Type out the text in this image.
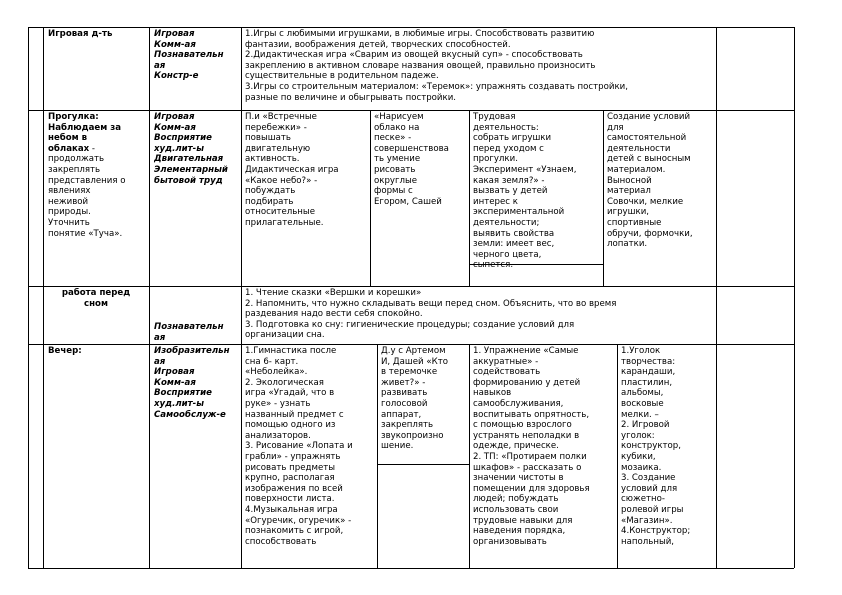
Игровая д-ть	Игровая
Комм-ая
Познавательн
ая
Констр-е
1.Игры с любимыми игрушками, в любимые игры. Способствовать развитию
фантазии, воображения детей, творческих способностей.
2.Дидактическая игра «Сварим из овощей вкусный суп» - способствовать
закреплению в активном словаре названия овощей, правильно произносить
существительные в родительном падеже.
3.Игры со строительным материалом: «Теремок»: упражнять создавать постройки,
разные по величине и обыгрывать постройки.
Прогулка:
Наблюдаем за
небом в
облаках -
продолжать
закреплять
представления о
явлениях
неживой
природы.
Уточнить
понятие «Туча».
Игровая
Комм-ая
Восприятие
худ.лит-ы
Двигательная
Элементарный
бытовой труд
П.и «Встречные
перебежки» -
повышать
двигательную
активность.
Дидактическая игра
«Какое небо?» -
побуждать
подбирать
относительные
прилагательные.
«Нарисуем
облако на
песке» -
совершенствова
ть умение
рисовать
округлые
формы с
Егором, Сашей
Трудовая
деятельность:
собрать игрушки
перед уходом с
прогулки.
Эксперимент «Узнаем,
какая земля?» -
вызвать у детей
интерес к
экспериментальной
деятельности;
выявить свойства
земли: имеет вес,
черного цвета,
сыпется.
Создание условий
для
самостоятельной
деятельности
детей с выносным
материалом.
Выносной
материал
Совочки, мелкие
игрушки,
спортивные
обручи, формочки,
лопатки.
работа перед
сном
Познавательн
ая
1. Чтение сказки «Вершки и корешки»
2. Напомнить, что нужно складывать вещи перед сном. Объяснить, что во время
раздевания надо вести себя спокойно.
3. Подготовка ко сну: гигиенические процедуры; создание условий для
организации сна.
Вечер:	Изобразительн
ая
Игровая
Комм-ая
Восприятие
худ.лит-ы
Самообслуж-е
1.Гимнастика после
сна 6- карт.
«Неболейка».
2. Экологическая
игра «Угадай, что в
руке» - узнать
названный предмет с
помощью одного из
анализаторов.
3. Рисование «Лопата и
грабли» - упражнять
рисовать предметы
крупно, располагая
изображения по всей
поверхности листа.
4.Музыкальная игра
«Огуречик, огуречик» -
познакомить с игрой,
способствовать
Д.у с Артемом
И, Дашей «Кто
в теремочке
живет?» -
развивать
голосовой
аппарат,
закреплять
звукопроизно
шение.
1. Упражнение «Самые
аккуратные» -
содействовать
формированию у детей
навыков
самообслуживания,
воспитывать опрятность,
с помощью взрослого
устранять неполадки в
одежде, прическе.
2. ТП: «Протираем полки
шкафов» - рассказать о
значении чистоты в
помещении для здоровья
людей; побуждать
использовать свои
трудовые навыки для
наведения порядка,
организовывать
1.Уголок
творчества:
карандаши,
пластилин,
альбомы,
восковые
мелки. –
2. Игровой
уголок:
конструктор,
кубики,
мозаика.
3. Создание
условий для
сюжетно-
ролевой игры
«Магазин».
4.Конструктор;
напольный,
